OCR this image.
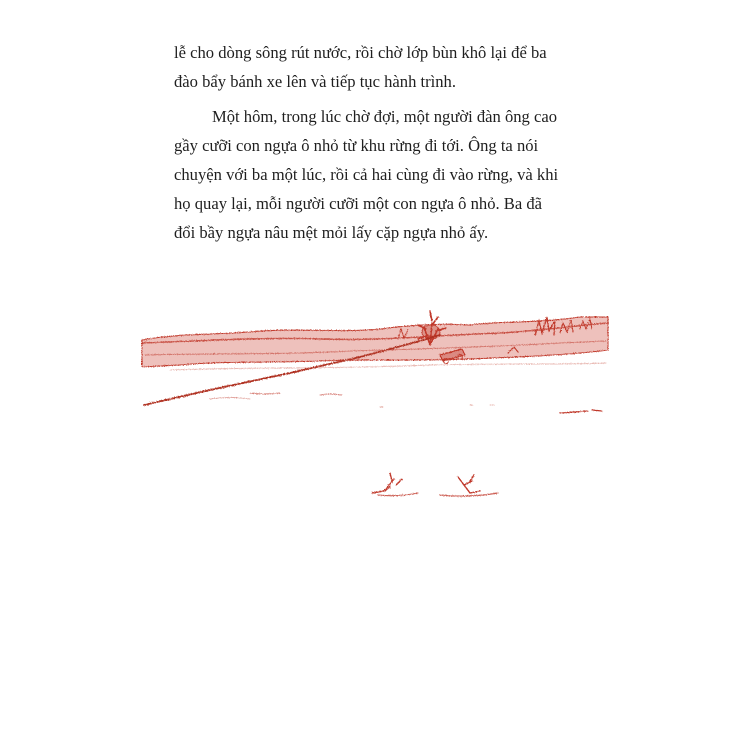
lễ cho dòng sông rút nước, rồi chờ lớp bùn khô lại để ba
đào bẩy bánh xe lên và tiếp tục hành trình.

Một hôm, trong lúc chờ đợi, một người đàn ông cao
gầy cưỡi con ngựa ô nhỏ từ khu rừng đi tới. Ông ta nói
chuyện với ba một lúc, rồi cả hai cùng đi vào rừng, và khi
họ quay lại, mỗi người cưỡi một con ngựa ô nhỏ. Ba đã
đổi bầy ngựa nâu mệt mỏi lấy cặp ngựa nhỏ ấy.
